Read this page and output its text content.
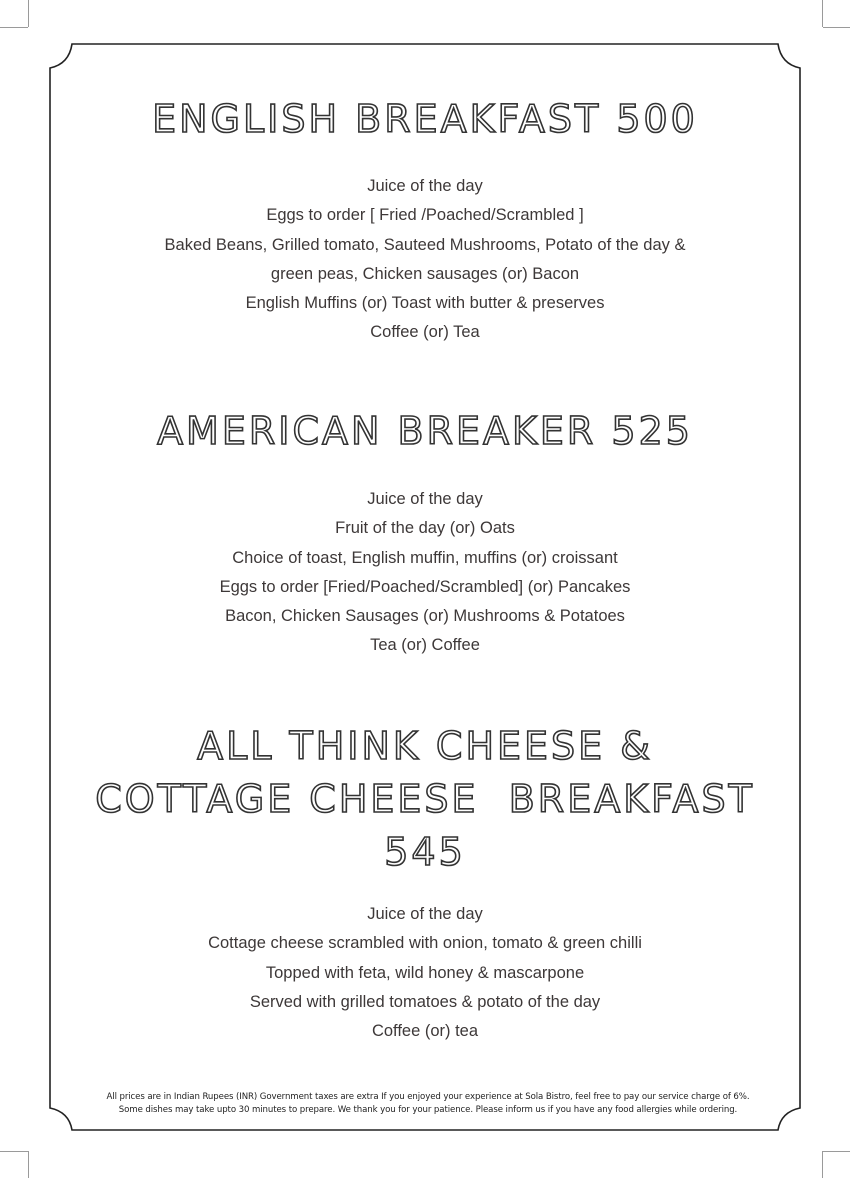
ENGLISH BREAKFAST 500
Juice of the day
Eggs to order [ Fried /Poached/Scrambled ]
Baked Beans, Grilled tomato, Sauteed Mushrooms, Potato of the day &
green peas, Chicken sausages (or) Bacon
English Muffins (or) Toast with butter & preserves
Coffee (or) Tea
AMERICAN BREAKER 525
Juice of the day
Fruit of the day (or) Oats
Choice of toast, English muffin, muffins (or) croissant
Eggs to order [Fried/Poached/Scrambled] (or) Pancakes
Bacon, Chicken Sausages (or) Mushrooms & Potatoes
Tea (or) Coffee
ALL THINK CHEESE &
COTTAGE CHEESE  BREAKFAST
545
Juice of the day
Cottage cheese scrambled with onion, tomato & green chilli
Topped with feta, wild honey & mascarpone
Served with grilled tomatoes & potato of the day
Coffee (or) tea
All prices are in Indian Rupees (INR) Government taxes are extra If you enjoyed your experience at Sola Bistro, feel free to pay our service charge of 6%.
Some dishes may take upto 30 minutes to prepare. We thank you for your patience. Please inform us if you have any food allergies while ordering.
